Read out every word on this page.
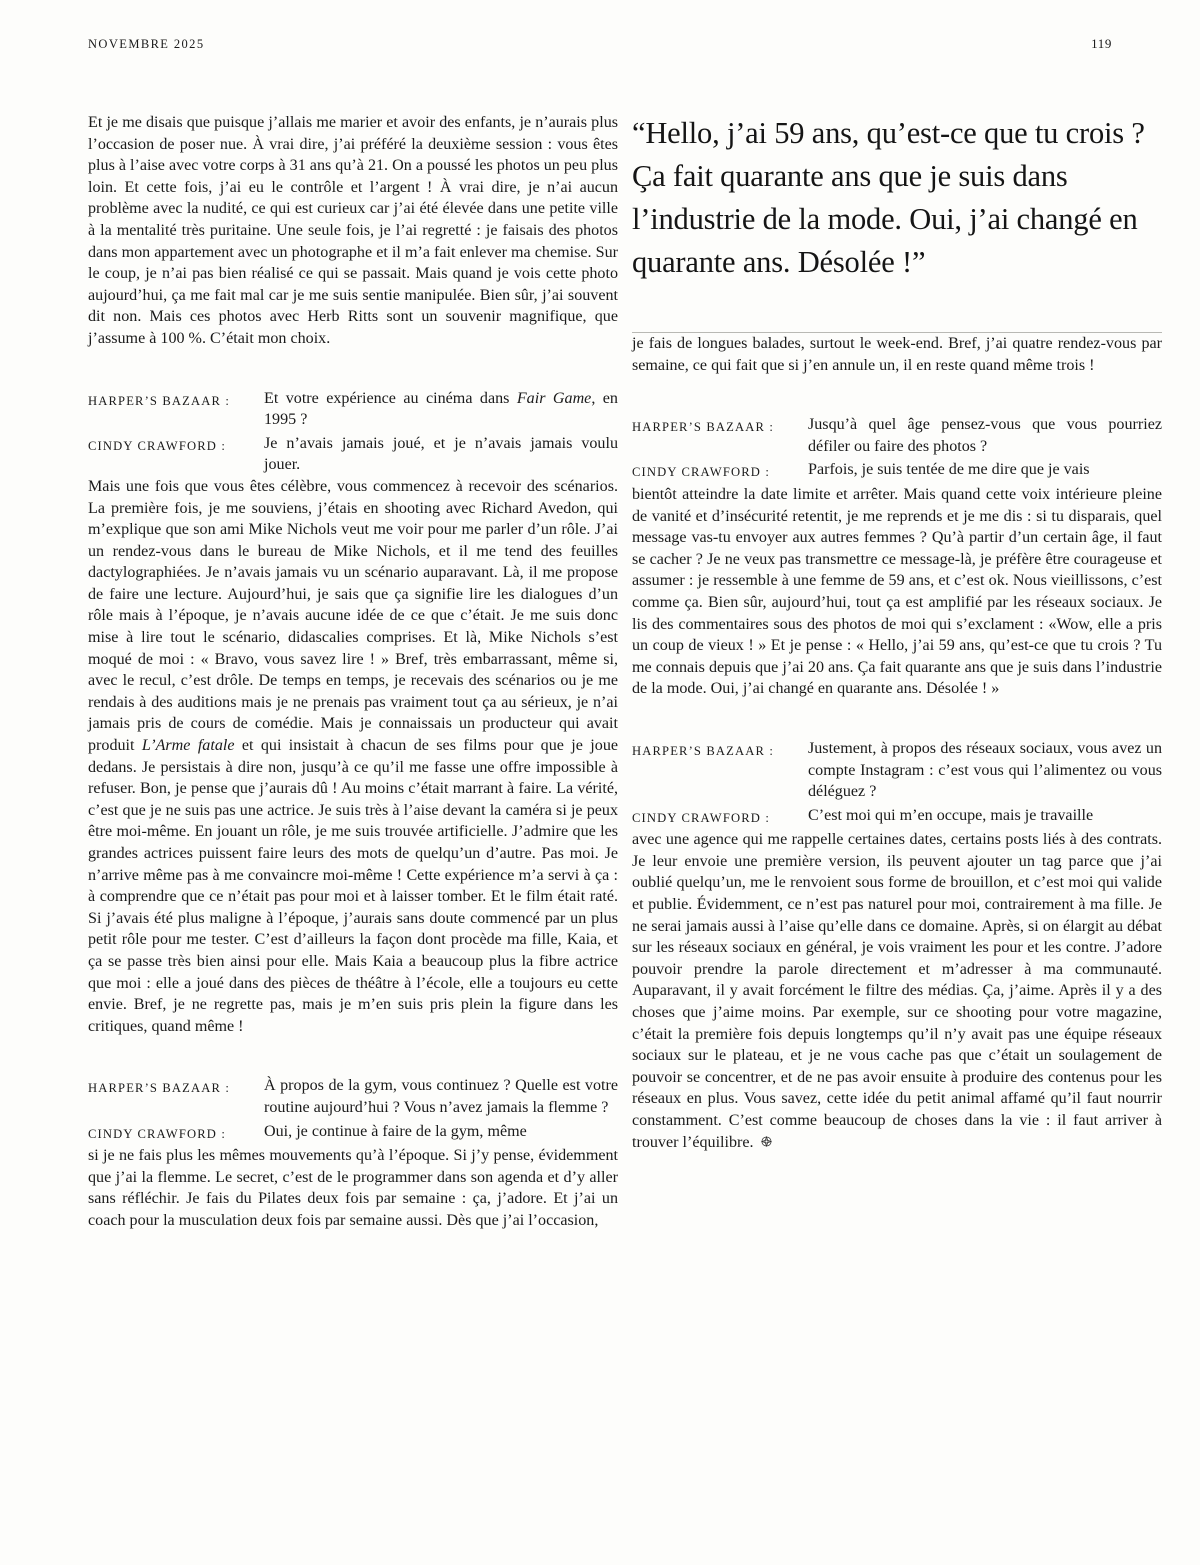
NOVEMBRE 2025	119

Et je me disais que puisque j’allais me marier et avoir des enfants, je n’aurais plus l’occasion de poser nue. À vrai dire, j’ai préféré la deuxième session : vous êtes plus à l’aise avec votre corps à 31 ans qu’à 21. On a poussé les photos un peu plus loin. Et cette fois, j’ai eu le contrôle et l’argent ! À vrai dire, je n’ai aucun problème avec la nudité, ce qui est curieux car j’ai été élevée dans une petite ville à la mentalité très puritaine. Une seule fois, je l’ai regretté : je faisais des photos dans mon appartement avec un photographe et il m’a fait enlever ma chemise. Sur le coup, je n’ai pas bien réalisé ce qui se passait. Mais quand je vois cette photo aujourd’hui, ça me fait mal car je me suis sentie manipulée. Bien sûr, j’ai souvent dit non. Mais ces photos avec Herb Ritts sont un souvenir magnifique, que j’assume à 100 %. C’était mon choix.

HARPER’S BAZAAR :	Et votre expérience au cinéma dans Fair Game, en 1995 ?
CINDY CRAWFORD :	Je n’avais jamais joué, et je n’avais jamais voulu jouer.

Mais une fois que vous êtes célèbre, vous commencez à recevoir des scénarios. La première fois, je me souviens, j’étais en shooting avec Richard Avedon, qui m’explique que son ami Mike Nichols veut me voir pour me parler d’un rôle. J’ai un rendez-vous dans le bureau de Mike Nichols, et il me tend des feuilles dactylographiées. Je n’avais jamais vu un scénario auparavant. Là, il me propose de faire une lecture. Aujourd’hui, je sais que ça signifie lire les dialogues d’un rôle mais à l’époque, je n’avais aucune idée de ce que c’était. Je me suis donc mise à lire tout le scénario, didascalies comprises. Et là, Mike Nichols s’est moqué de moi : « Bravo, vous savez lire ! » Bref, très embarrassant, même si, avec le recul, c’est drôle. De temps en temps, je recevais des scénarios ou je me rendais à des auditions mais je ne prenais pas vraiment tout ça au sérieux, je n’ai jamais pris de cours de comédie. Mais je connaissais un producteur qui avait produit L’Arme fatale et qui insistait à chacun de ses films pour que je joue dedans. Je persistais à dire non, jusqu’à ce qu’il me fasse une offre impossible à refuser. Bon, je pense que j’aurais dû ! Au moins c’était marrant à faire. La vérité, c’est que je ne suis pas une actrice. Je suis très à l’aise devant la caméra si je peux être moi-même. En jouant un rôle, je me suis trouvée artificielle. J’admire que les grandes actrices puissent faire leurs des mots de quelqu’un d’autre. Pas moi. Je n’arrive même pas à me convaincre moi-même ! Cette expérience m’a servi à ça : à comprendre que ce n’était pas pour moi et à laisser tomber. Et le film était raté. Si j’avais été plus maligne à l’époque, j’aurais sans doute commencé par un plus petit rôle pour me tester. C’est d’ailleurs la façon dont procède ma fille, Kaia, et ça se passe très bien ainsi pour elle. Mais Kaia a beaucoup plus la fibre actrice que moi : elle a joué dans des pièces de théâtre à l’école, elle a toujours eu cette envie. Bref, je ne regrette pas, mais je m’en suis pris plein la figure dans les critiques, quand même !

HARPER’S BAZAAR :	À propos de la gym, vous continuez ? Quelle est votre routine aujourd’hui ? Vous n’avez jamais la flemme ?
CINDY CRAWFORD :	Oui, je continue à faire de la gym, même

si je ne fais plus les mêmes mouvements qu’à l’époque. Si j’y pense, évidemment que j’ai la flemme. Le secret, c’est de le programmer dans son agenda et d’y aller sans réfléchir. Je fais du Pilates deux fois par semaine : ça, j’adore. Et j’ai un coach pour la musculation deux fois par semaine aussi. Dès que j’ai l’occasion,

“Hello, j’ai 59 ans, qu’est-ce que tu crois ? Ça fait quarante ans que je suis dans l’industrie de la mode. Oui, j’ai changé en quarante ans. Désolée !”

je fais de longues balades, surtout le week-end. Bref, j’ai quatre rendez-vous par semaine, ce qui fait que si j’en annule un, il en reste quand même trois !

HARPER’S BAZAAR :	Jusqu’à quel âge pensez-vous que vous pourriez défiler ou faire des photos ?
CINDY CRAWFORD :	Parfois, je suis tentée de me dire que je vais

bientôt atteindre la date limite et arrêter. Mais quand cette voix intérieure pleine de vanité et d’insécurité retentit, je me reprends et je me dis : si tu disparais, quel message vas-tu envoyer aux autres femmes ? Qu’à partir d’un certain âge, il faut se cacher ? Je ne veux pas transmettre ce message-là, je préfère être courageuse et assumer : je ressemble à une femme de 59 ans, et c’est ok. Nous vieillissons, c’est comme ça. Bien sûr, aujourd’hui, tout ça est amplifié par les réseaux sociaux. Je lis des commentaires sous des photos de moi qui s’exclament : «Wow, elle a pris un coup de vieux ! » Et je pense : « Hello, j’ai 59 ans, qu’est-ce que tu crois ? Tu me connais depuis que j’ai 20 ans. Ça fait quarante ans que je suis dans l’industrie de la mode. Oui, j’ai changé en quarante ans. Désolée ! »

HARPER’S BAZAAR :	Justement, à propos des réseaux sociaux, vous avez un compte Instagram : c’est vous qui l’alimentez ou vous déléguez ?
CINDY CRAWFORD :	C’est moi qui m’en occupe, mais je travaille

avec une agence qui me rappelle certaines dates, certains posts liés à des contrats. Je leur envoie une première version, ils peuvent ajouter un tag parce que j’ai oublié quelqu’un, me le renvoient sous forme de brouillon, et c’est moi qui valide et publie. Évidemment, ce n’est pas naturel pour moi, contrairement à ma fille. Je ne serai jamais aussi à l’aise qu’elle dans ce domaine. Après, si on élargit au débat sur les réseaux sociaux en général, je vois vraiment les pour et les contre. J’adore pouvoir prendre la parole directement et m’adresser à ma communauté. Auparavant, il y avait forcément le filtre des médias. Ça, j’aime. Après il y a des choses que j’aime moins. Par exemple, sur ce shooting pour votre magazine, c’était la première fois depuis longtemps qu’il n’y avait pas une équipe réseaux sociaux sur le plateau, et je ne vous cache pas que c’était un soulagement de pouvoir se concentrer, et de ne pas avoir ensuite à produire des contenus pour les réseaux en plus. Vous savez, cette idée du petit animal affamé qu’il faut nourrir constamment. C’est comme beaucoup de choses dans la vie : il faut arriver à trouver l’équilibre.
